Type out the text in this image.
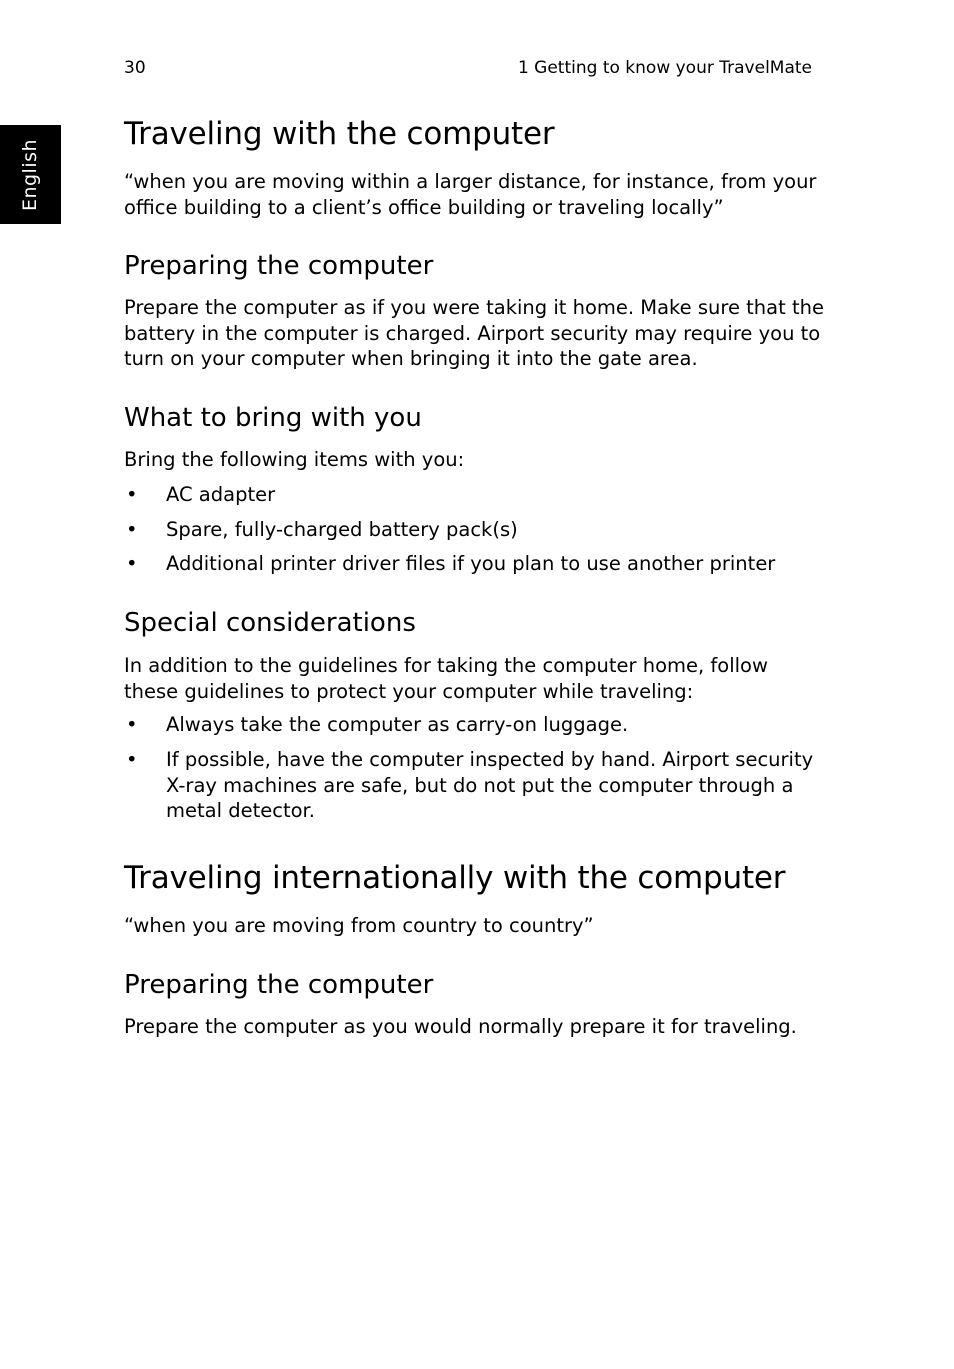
30	1 Getting to know your TravelMate
English
Traveling with the computer
“when you are moving within a larger distance, for instance, from your office building to a client’s office building or traveling locally”
Preparing the computer
Prepare the computer as if you were taking it home. Make sure that the battery in the computer is charged. Airport security may require you to turn on your computer when bringing it into the gate area.
What to bring with you
Bring the following items with you:
• AC adapter
• Spare, fully-charged battery pack(s)
• Additional printer driver files if you plan to use another printer
Special considerations
In addition to the guidelines for taking the computer home, follow these guidelines to protect your computer while traveling:
• Always take the computer as carry-on luggage.
• If possible, have the computer inspected by hand. Airport security X-ray machines are safe, but do not put the computer through a metal detector.
Traveling internationally with the computer
“when you are moving from country to country”
Preparing the computer
Prepare the computer as you would normally prepare it for traveling.
